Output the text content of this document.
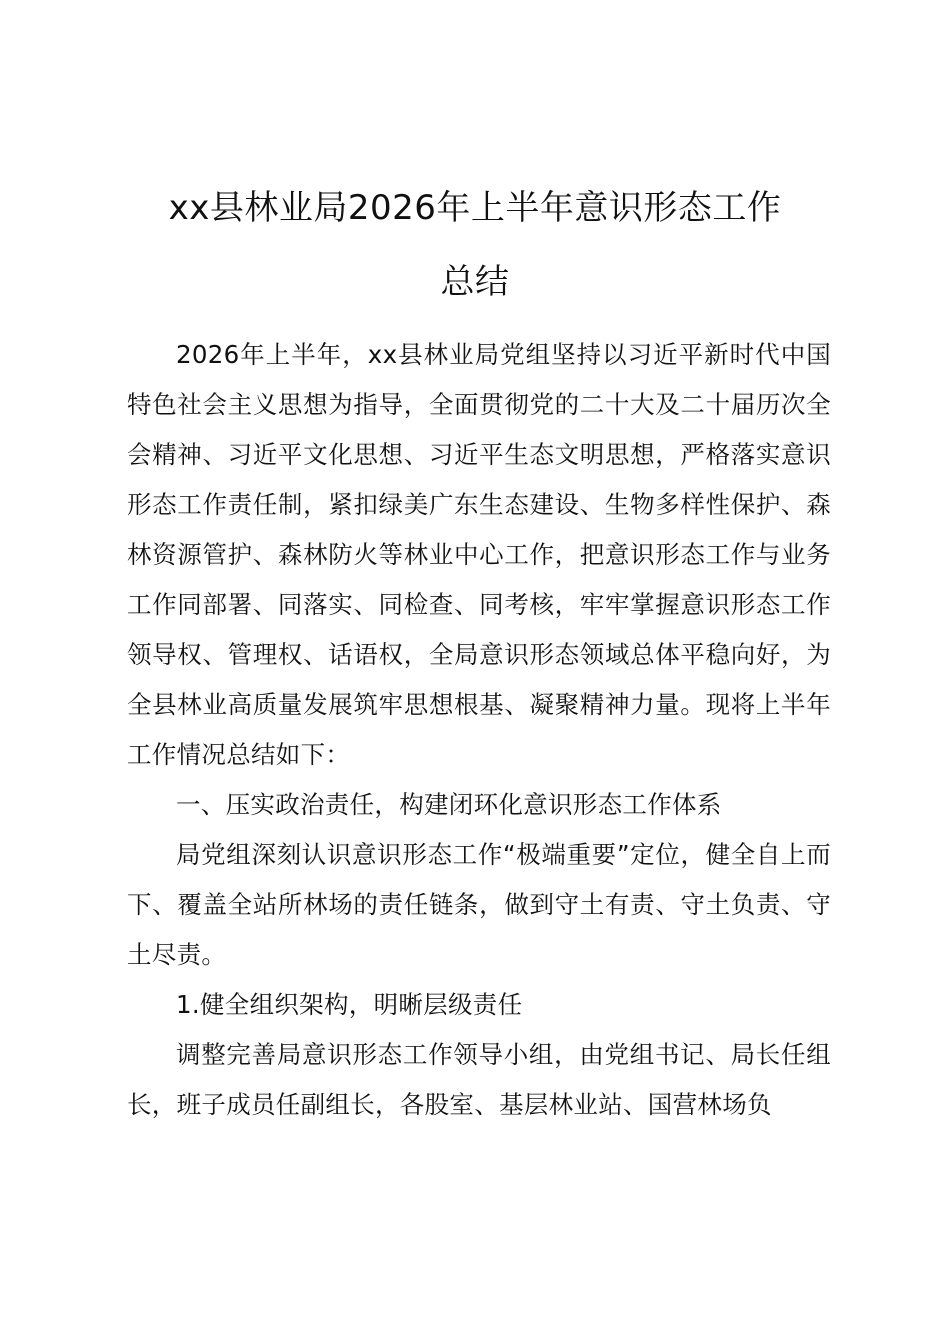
xx县林业局2026年上半年意识形态工作
总结

2026年上半年，xx县林业局党组坚持以习近平新时代中国特色社会主义思想为指导，全面贯彻党的二十大及二十届历次全会精神、习近平文化思想、习近平生态文明思想，严格落实意识形态工作责任制，紧扣绿美广东生态建设、生物多样性保护、森林资源管护、森林防火等林业中心工作，把意识形态工作与业务工作同部署、同落实、同检查、同考核，牢牢掌握意识形态工作领导权、管理权、话语权，全局意识形态领域总体平稳向好，为全县林业高质量发展筑牢思想根基、凝聚精神力量。现将上半年工作情况总结如下：

一、压实政治责任，构建闭环化意识形态工作体系

局党组深刻认识意识形态工作“极端重要”定位，健全自上而下、覆盖全站所林场的责任链条，做到守土有责、守土负责、守土尽责。

1.健全组织架构，明晰层级责任

调整完善局意识形态工作领导小组，由党组书记、局长任组长，班子成员任副组长，各股室、基层林业站、国营林场负
